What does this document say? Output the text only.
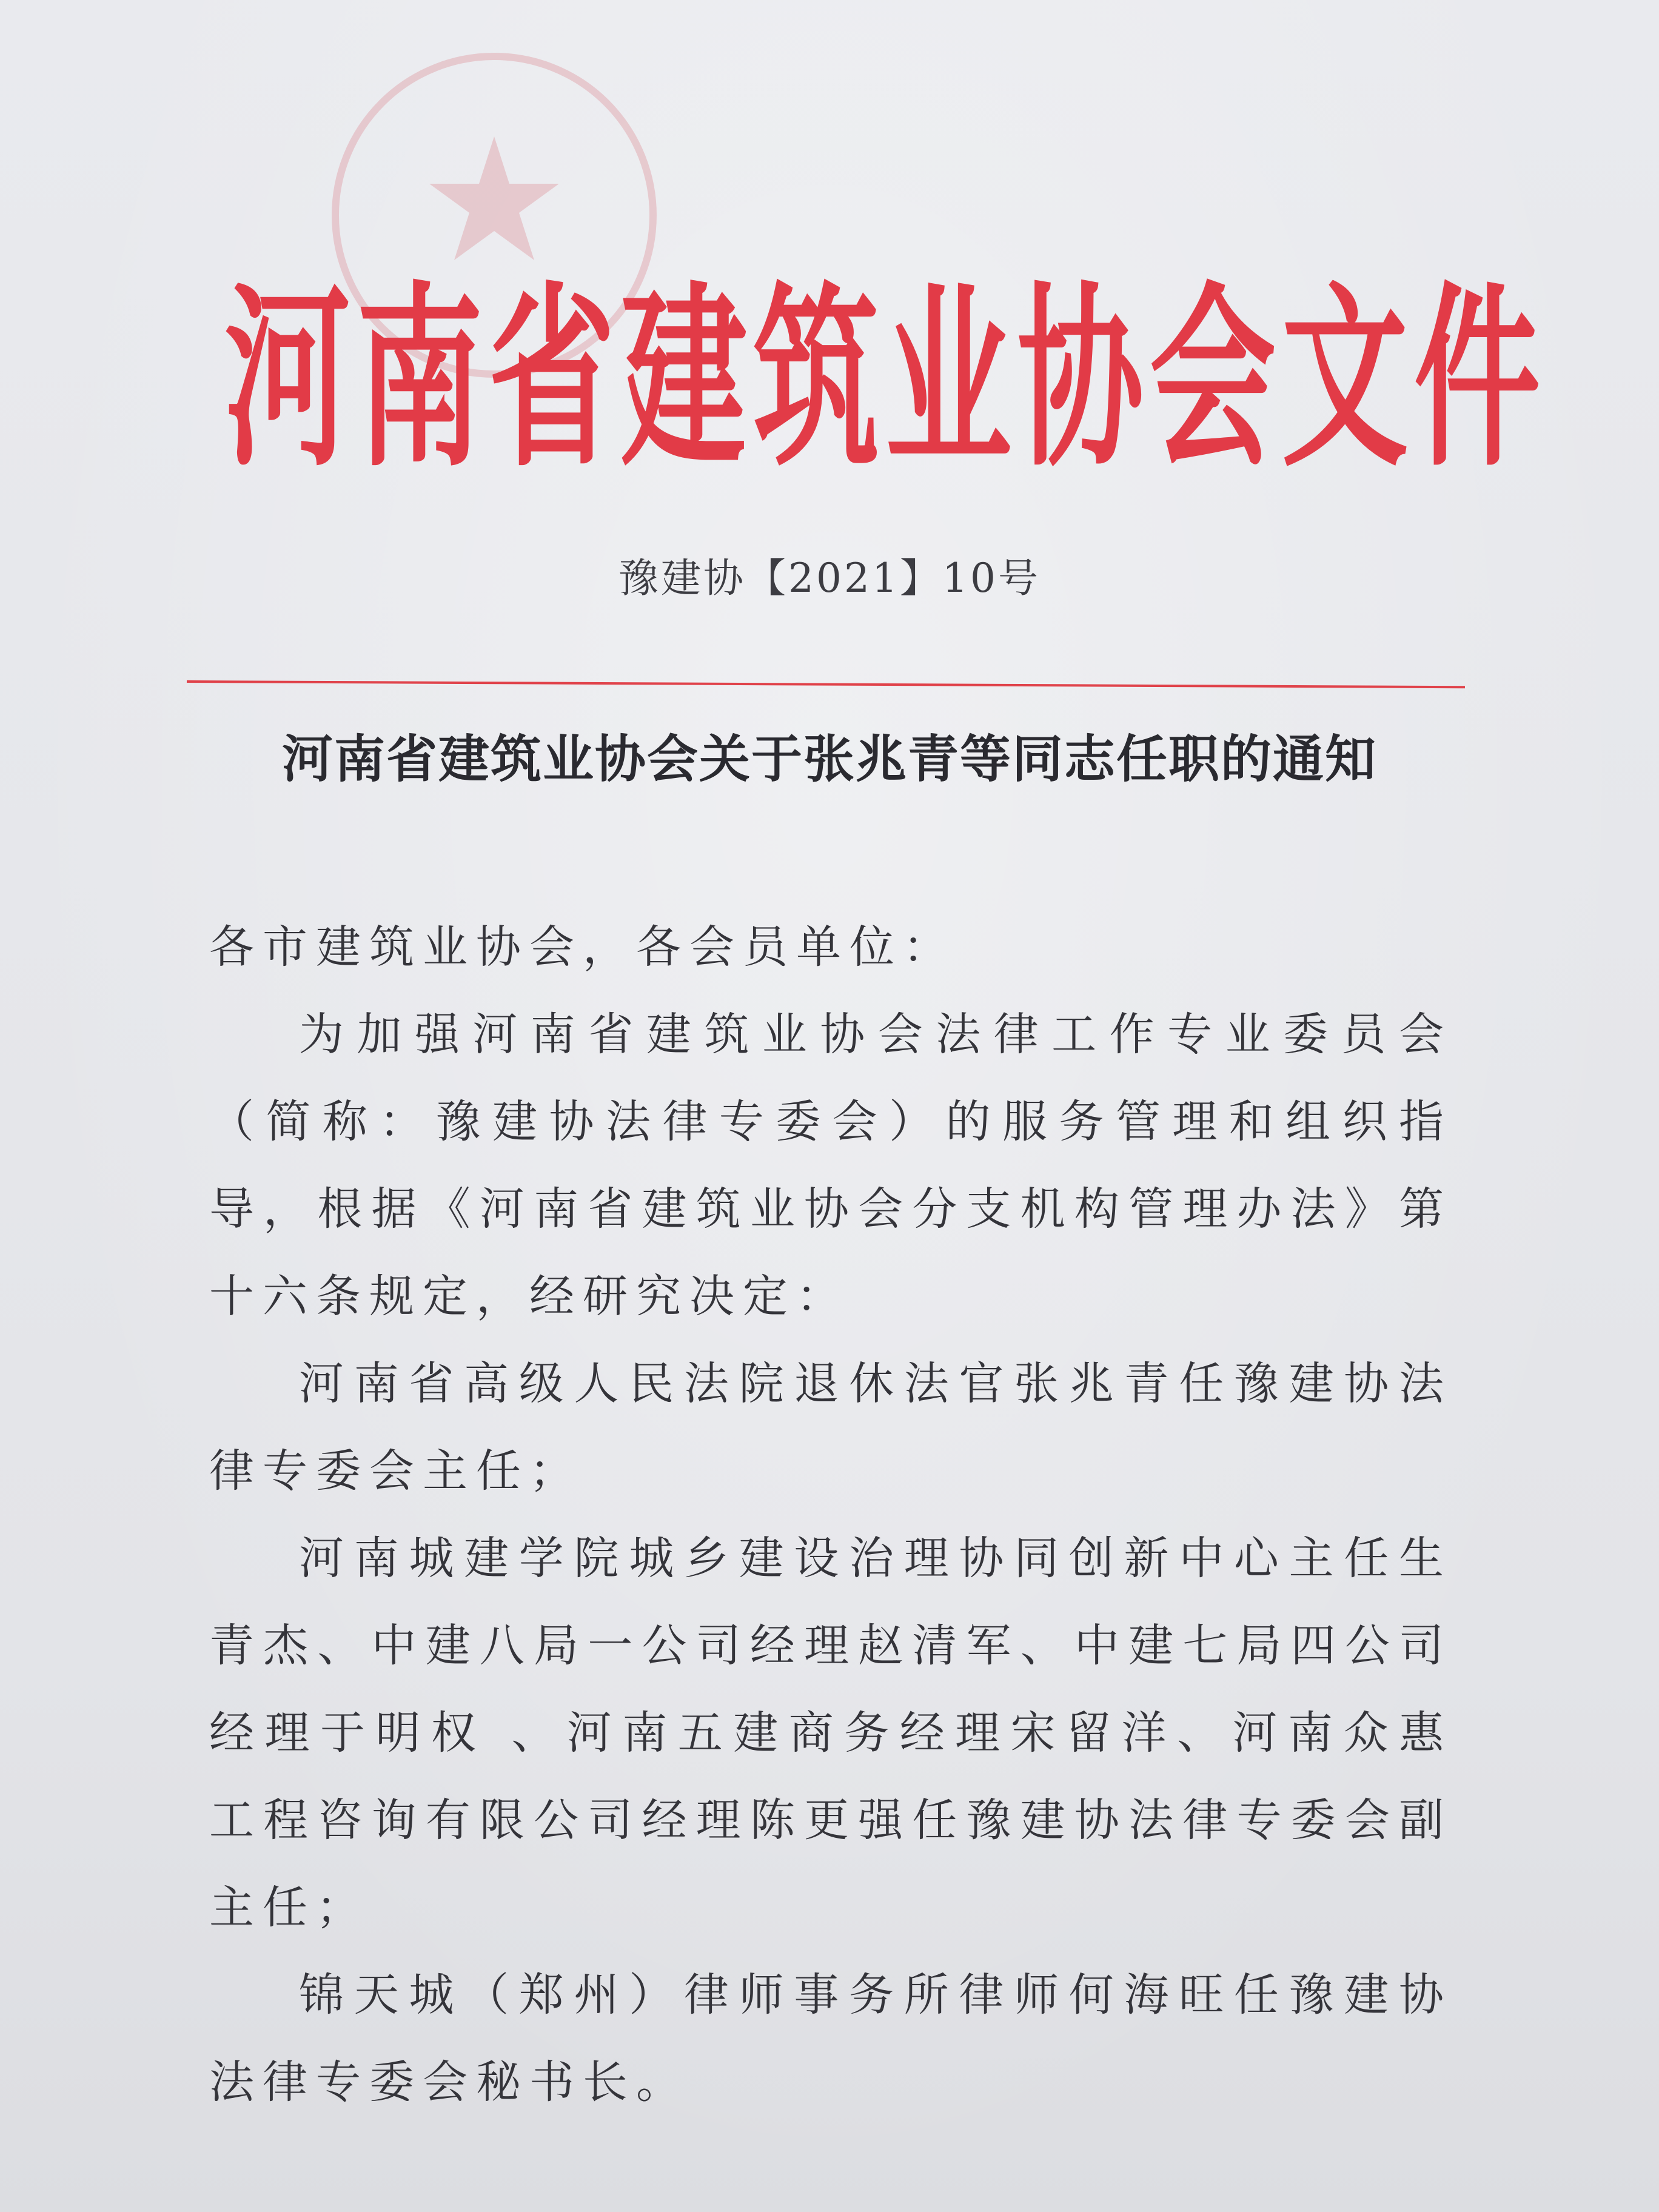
河南省建筑业协会文件
豫建协【2021】10号
河南省建筑业协会关于张兆青等同志任职的通知

各市建筑业协会，各会员单位：

为加强河南省建筑业协会法律工作专业委员会（简称：豫建协法律专委会）的服务管理和组织指导，根据《河南省建筑业协会分支机构管理办法》第十六条规定，经研究决定：

河南省高级人民法院退休法官张兆青任豫建协法律专委会主任；

河南城建学院城乡建设治理协同创新中心主任生青杰、中建八局一公司经理赵清军、中建七局四公司经理于明权 、河南五建商务经理宋留洋、河南众惠工程咨询有限公司经理陈更强任豫建协法律专委会副主任；

锦天城（郑州）律师事务所律师何海旺任豫建协法律专委会秘书长。
